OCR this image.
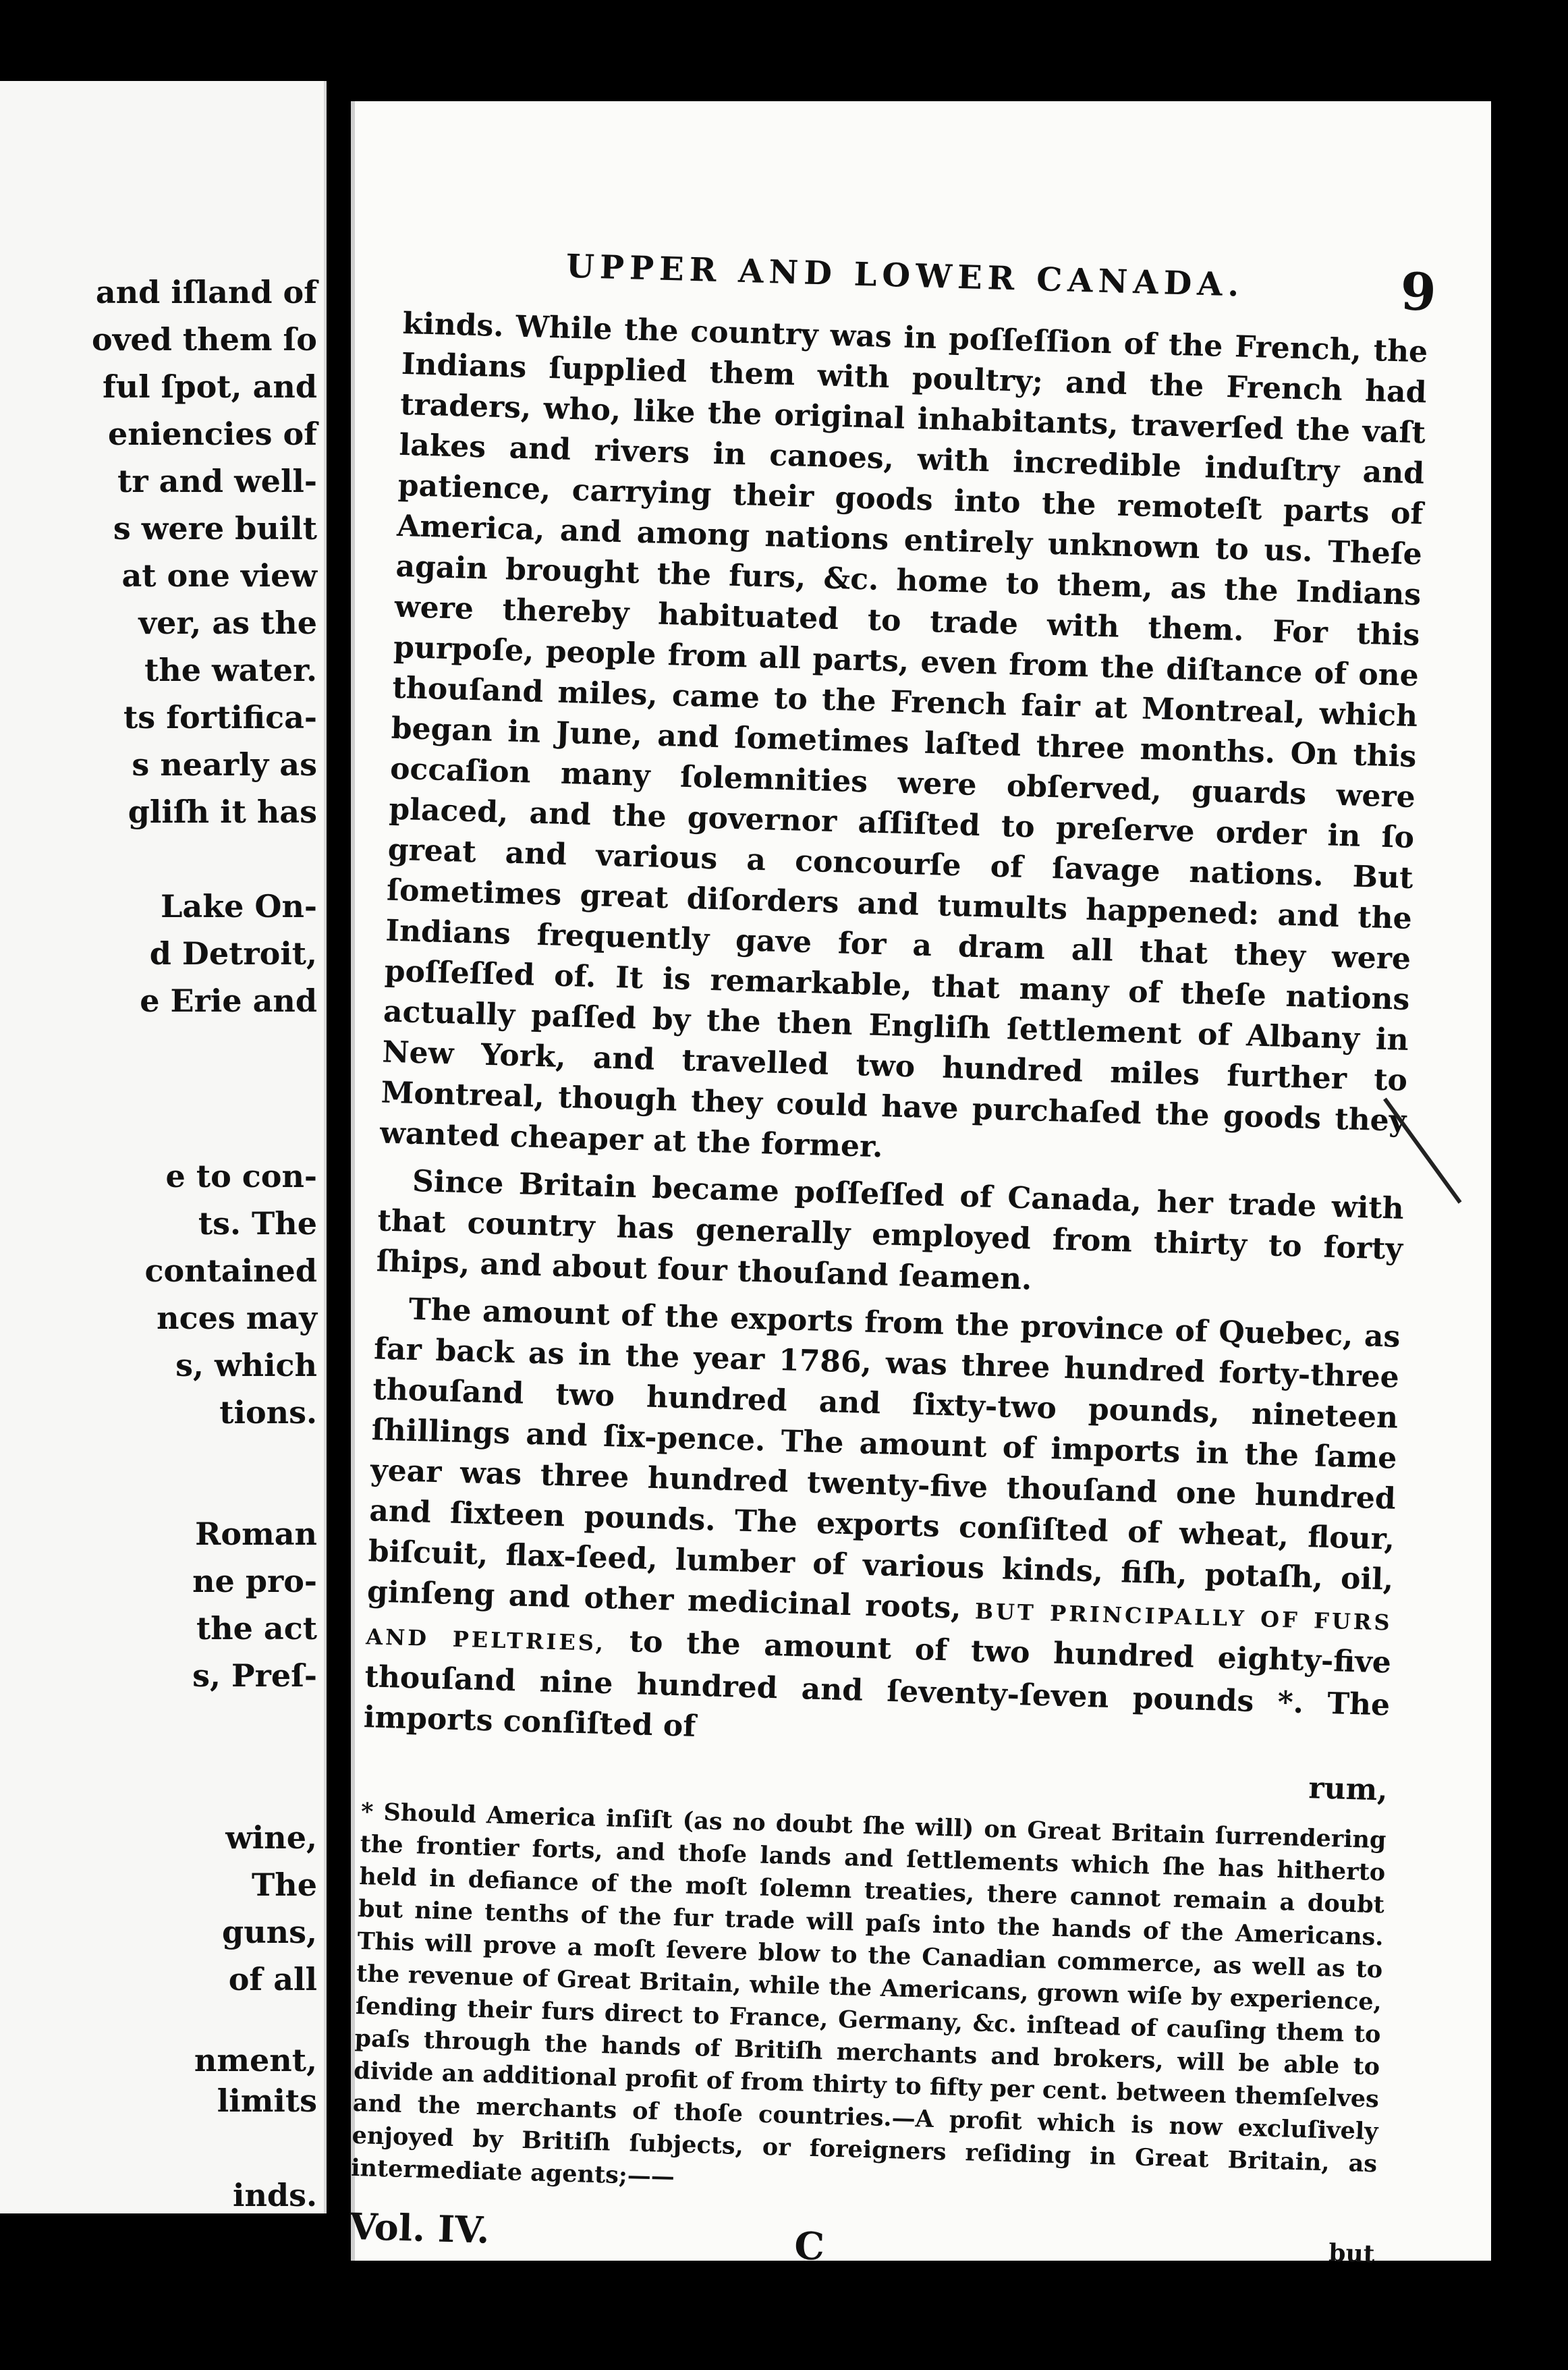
and iſland of
oved them ſo
ful ſpot, and
eniencies of
tr and well-
s were built
at one view
ver, as the
the water.
ts fortifica-
s nearly as
gliſh it has
Lake On-
d Detroit,
e Erie and
e to con-
ts. The
contained
nces may
s, which
tions.
Roman
ne pro-
the act
s, Preſ-
wine,
The
guns,
of all
nment,
limits
inds.
UPPER AND LOWER CANADA.	9

kinds. While the country was in poſſeſſion of the French, the Indians ſupplied them with poultry; and the French had traders, who, like the original inhabitants, traverſed the vaſt lakes and rivers in canoes, with incredible induſtry and patience, carrying their goods into the remoteſt parts of America, and among nations entirely unknown to us. Theſe again brought the furs, &c. home to them, as the Indians were thereby habituated to trade with them. For this purpoſe, people from all parts, even from the diſtance of one thouſand miles, came to the French fair at Montreal, which began in June, and ſometimes laſted three months. On this occaſion many ſolemnities were obſerved, guards were placed, and the governor aſſiſted to preſerve order in ſo great and various a concourſe of ſavage nations. But ſometimes great diſorders and tumults happened: and the Indians frequently gave for a dram all that they were poſſeſſed of. It is remarkable, that many of theſe nations actually paſſed by the then Engliſh ſettlement of Albany in New York, and travelled two hundred miles further to Montreal, though they could have purchaſed the goods they wanted cheaper at the former.

Since Britain became poſſeſſed of Canada, her trade with that country has generally employed from thirty to forty ſhips, and about four thouſand ſeamen.

The amount of the exports from the province of Quebec, as far back as in the year 1786, was three hundred forty-three thouſand two hundred and ſixty-two pounds, nineteen ſhillings and ſix-pence. The amount of imports in the ſame year was three hundred twenty-five thouſand one hundred and ſixteen pounds. The exports conſiſted of wheat, flour, biſcuit, flax-ſeed, lumber of various kinds, fiſh, potaſh, oil, ginſeng and other medicinal roots, BUT PRINCIPALLY OF FURS AND PELTRIES, to the amount of two hundred eighty-five thouſand nine hundred and ſeventy-ſeven pounds *. The imports conſiſted of

rum,
* Should America inſiſt (as no doubt ſhe will) on Great Britain ſurrendering the frontier forts, and thoſe lands and ſettlements which ſhe has hitherto held in defiance of the moſt ſolemn treaties, there cannot remain a doubt but nine tenths of the fur trade will paſs into the hands of the Americans. This will prove a moſt ſevere blow to the Canadian commerce, as well as to the revenue of Great Britain, while the Americans, grown wiſe by experience, ſending their furs direct to France, Germany, &c. inſtead of cauſing them to paſs through the hands of Britiſh merchants and brokers, will be able to divide an additional profit of from thirty to fifty per cent. between themſelves and the merchants of thoſe countries.—A profit which is now excluſively enjoyed by Britiſh ſubjects, or foreigners reſiding in Great Britain, as intermediate agents;——
Vol. IV.	C	but
